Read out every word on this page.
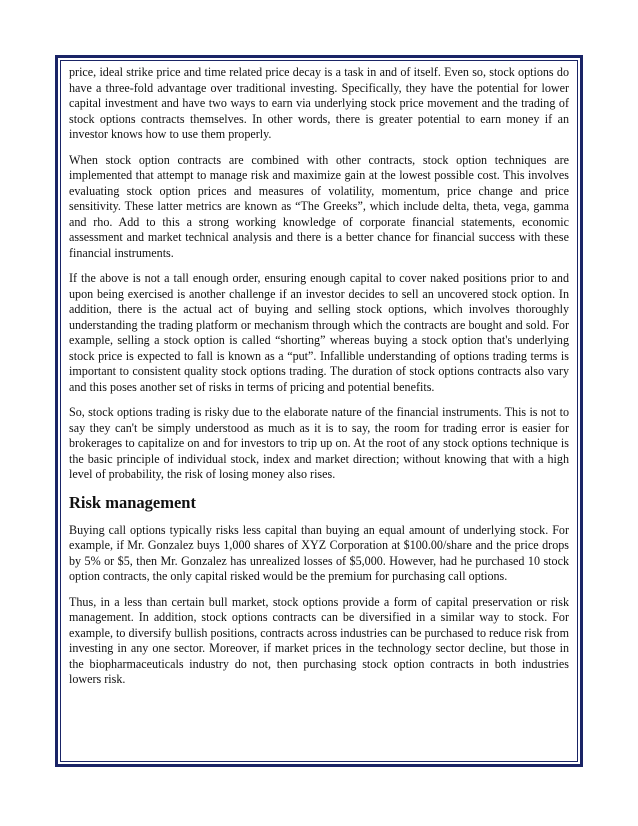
price, ideal strike price and time related price decay is a task in and of itself. Even so, stock options do have a three-fold advantage over traditional investing. Specifically, they have the potential for lower capital investment and have two ways to earn via underlying stock price movement and the trading of stock options contracts themselves. In other words, there is greater potential to earn money if an investor knows how to use them properly.

When stock option contracts are combined with other contracts, stock option techniques are implemented that attempt to manage risk and maximize gain at the lowest possible cost. This involves evaluating stock option prices and measures of volatility, momentum, price change and price sensitivity. These latter metrics are known as “The Greeks”, which include delta, theta, vega, gamma and rho. Add to this a strong working knowledge of corporate financial statements, economic assessment and market technical analysis and there is a better chance for financial success with these financial instruments.

If the above is not a tall enough order, ensuring enough capital to cover naked positions prior to and upon being exercised is another challenge if an investor decides to sell an uncovered stock option. In addition, there is the actual act of buying and selling stock options, which involves thoroughly understanding the trading platform or mechanism through which the contracts are bought and sold. For example, selling a stock option is called “shorting” whereas buying a stock option that's underlying stock price is expected to fall is known as a “put”. Infallible understanding of options trading terms is important to consistent quality stock options trading. The duration of stock options contracts also vary and this poses another set of risks in terms of pricing and potential benefits.

So, stock options trading is risky due to the elaborate nature of the financial instruments. This is not to say they can't be simply understood as much as it is to say, the room for trading error is easier for brokerages to capitalize on and for investors to trip up on. At the root of any stock options technique is the basic principle of individual stock, index and market direction; without knowing that with a high level of probability, the risk of losing money also rises.

Risk management

Buying call options typically risks less capital than buying an equal amount of underlying stock. For example, if Mr. Gonzalez buys 1,000 shares of XYZ Corporation at $100.00/share and the price drops by 5% or $5, then Mr. Gonzalez has unrealized losses of $5,000. However, had he purchased 10 stock option contracts, the only capital risked would be the premium for purchasing call options.

Thus, in a less than certain bull market, stock options provide a form of capital preservation or risk management. In addition, stock options contracts can be diversified in a similar way to stock. For example, to diversify bullish positions, contracts across industries can be purchased to reduce risk from investing in any one sector. Moreover, if market prices in the technology sector decline, but those in the biopharmaceuticals industry do not, then purchasing stock option contracts in both industries lowers risk.
